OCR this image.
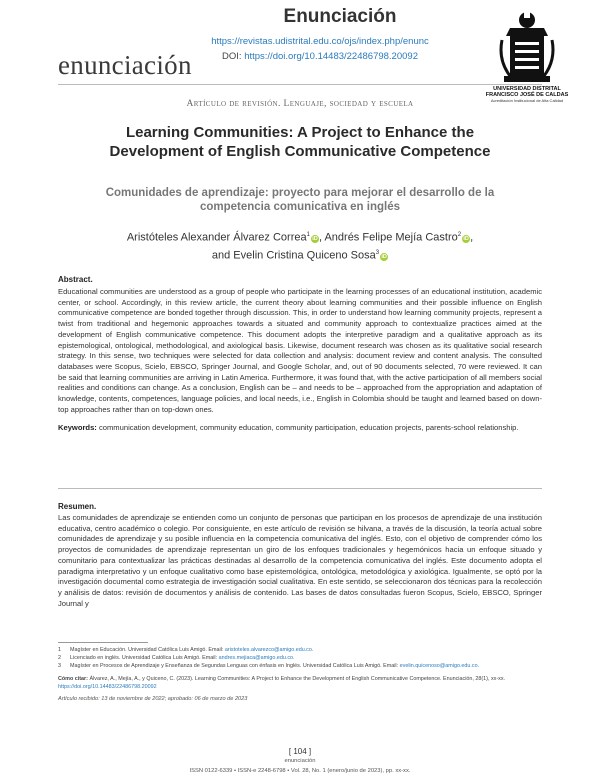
enunciación
Enunciación
https://revistas.udistrital.edu.co/ojs/index.php/enunc
DOI: https://doi.org/10.14483/22486798.20092
UNIVERSIDAD DISTRITAL
FRANCISCO JOSÉ DE CALDAS
Acreditación Institucional de Alta Calidad
Artículo de revisión. Lenguaje, sociedad y escuela
Learning Communities: A Project to Enhance the Development of English Communicative Competence
Comunidades de aprendizaje: proyecto para mejorar el desarrollo de la competencia comunicativa en inglés
Aristóteles Alexander Álvarez Correa$^1$iD, Andrés Felipe Mejía Castro$^2$iD,
and Evelin Cristina Quiceno Sosa$^3$iD
Abstract.
Educational communities are understood as a group of people who participate in the learning processes of an educational institution, academic center, or school. Accordingly, in this review article, the current theory about learning communities and their possible influence on English communicative competence are bonded together through discussion. This, in order to understand how learning community projects, represent a twist from traditional and hegemonic approaches towards a situated and community approach to contextualize practices aimed at the development of English communicative competence. This document adopts the interpretive paradigm and a qualitative approach as its epistemological, ontological, methodological, and axiological basis. Likewise, document research was chosen as its qualitative social research strategy. In this sense, two techniques were selected for data collection and analysis: document review and content analysis. The consulted databases were Scopus, Scielo, EBSCO, Springer Journal, and Google Scholar, and, out of 90 documents selected, 70 were reviewed. It can be said that learning communities are arriving in Latin America. Furthermore, it was found that, with the active participation of all members social realities and conditions can change. As a conclusion, English can be – and needs to be – approached from the appropriation and adaptation of knowledge, contents, competences, language policies, and local needs, i.e., English in Colombia should be taught and learned based on down-top approaches rather than on top-down ones.
Keywords: communication development, community education, community participation, education projects, parents-school relationship.
Resumen.
Las comunidades de aprendizaje se entienden como un conjunto de personas que participan en los procesos de aprendizaje de una institución educativa, centro académico o colegio. Por consiguiente, en este artículo de revisión se hilvana, a través de la discusión, la teoría actual sobre comunidades de aprendizaje y su posible influencia en la competencia comunicativa del inglés. Esto, con el objetivo de comprender cómo los proyectos de comunidades de aprendizaje representan un giro de los enfoques tradicionales y hegemónicos hacia un enfoque situado y comunitario para contextualizar las prácticas destinadas al desarrollo de la competencia comunicativa del inglés. Este documento adopta el paradigma interpretativo y un enfoque cualitativo como base epistemológica, ontológica, metodológica y axiológica. Igualmente, se optó por la investigación documental como estrategia de investigación social cualitativa. En este sentido, se seleccionaron dos técnicas para la recolección y análisis de datos: revisión de documentos y análisis de contenido. Las bases de datos consultadas fueron Scopus, Scielo, EBSCO, Springer Journal y
1 Magíster en Educación. Universidad Católica Luis Amigó. Email: aristoteles.alvarezco@amigo.edu.co.
2 Licenciado en inglés. Universidad Católica Luis Amigó. Email: andres.mejiaca@amigo.edu.co.
3 Magíster en Procesos de Aprendizaje y Enseñanza de Segundas Lenguas con énfasis en Inglés. Universidad Católica Luis Amigó. Email: evelin.quicenoso@amigo.edu.co.
Cómo citar: Álvarez, A., Mejía, A., y Quiceno, C. (2023). Learning Communities: A Project to Enhance the Development of English Communicative Competence. Enunciación, 28(1), xx-xx. https://doi.org/10.14483/22486798.20092
Artículo recibido: 13 de noviembre de 2022; aprobado: 06 de marzo de 2023
[ 104 ]
enunciación
ISSN 0122-6339 • ISSN-e 2248-6798 • Vol. 28, No. 1 (enero/junio de 2023), pp. xx-xx.
